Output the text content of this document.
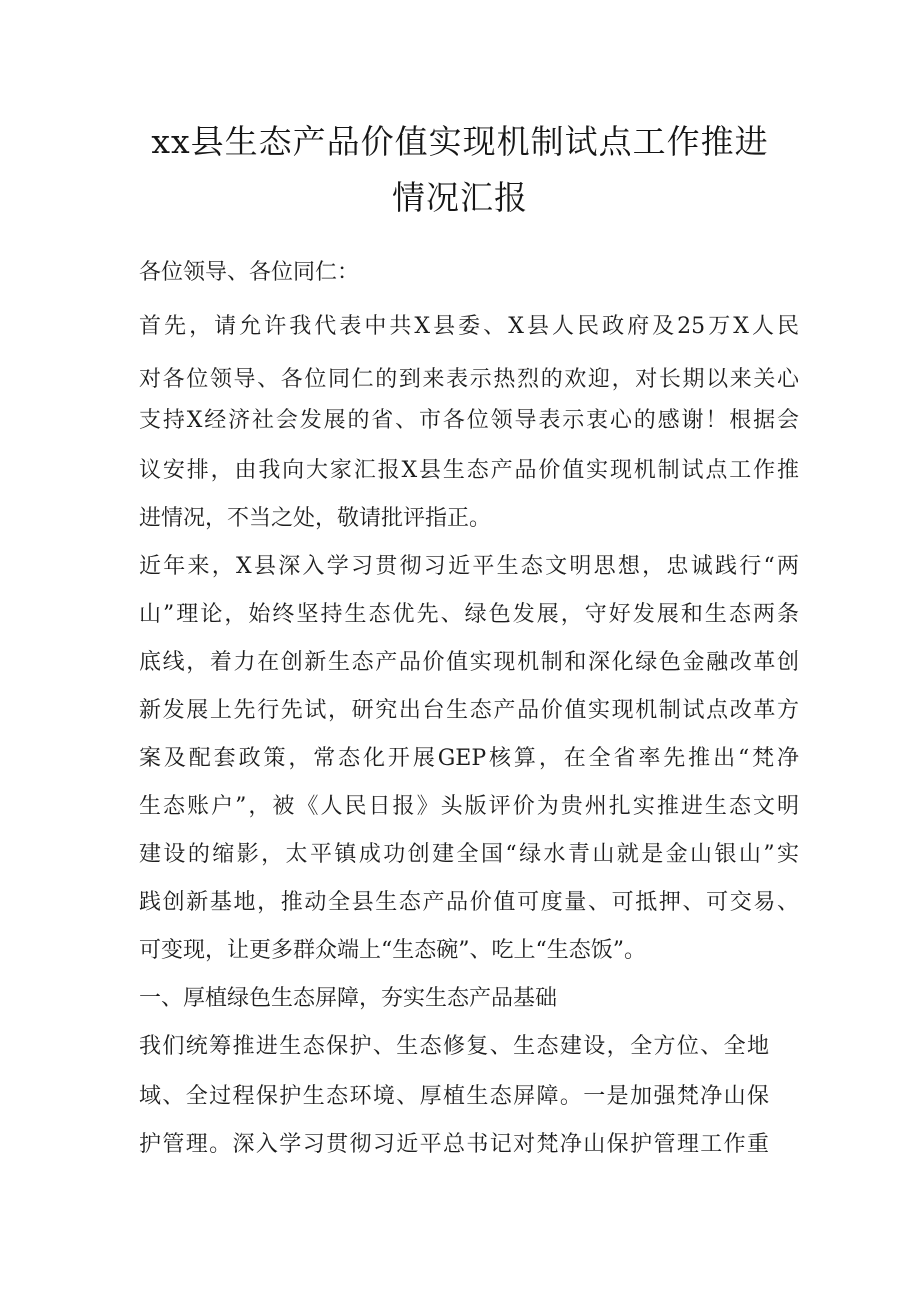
xx县生态产品价值实现机制试点工作推进
情况汇报
各位领导、各位同仁：
首先，请允许我代表中共X县委、X县人民政府及25万X人民
对各位领导、各位同仁的到来表示热烈的欢迎，对长期以来关心
支持X经济社会发展的省、市各位领导表示衷心的感谢！根据会
议安排，由我向大家汇报X县生态产品价值实现机制试点工作推
进情况，不当之处，敬请批评指正。
近年来，X县深入学习贯彻习近平生态文明思想，忠诚践行“两
山”理论，始终坚持生态优先、绿色发展，守好发展和生态两条
底线，着力在创新生态产品价值实现机制和深化绿色金融改革创
新发展上先行先试，研究出台生态产品价值实现机制试点改革方
案及配套政策，常态化开展GEP核算，在全省率先推出“梵净
生态账户”，被《人民日报》头版评价为贵州扎实推进生态文明
建设的缩影，太平镇成功创建全国“绿水青山就是金山银山”实
践创新基地，推动全县生态产品价值可度量、可抵押、可交易、
可变现，让更多群众端上“生态碗”、吃上“生态饭”。
一、厚植绿色生态屏障，夯实生态产品基础
我们统筹推进生态保护、生态修复、生态建设，全方位、全地
域、全过程保护生态环境、厚植生态屏障。一是加强梵净山保
护管理。深入学习贯彻习近平总书记对梵净山保护管理工作重
